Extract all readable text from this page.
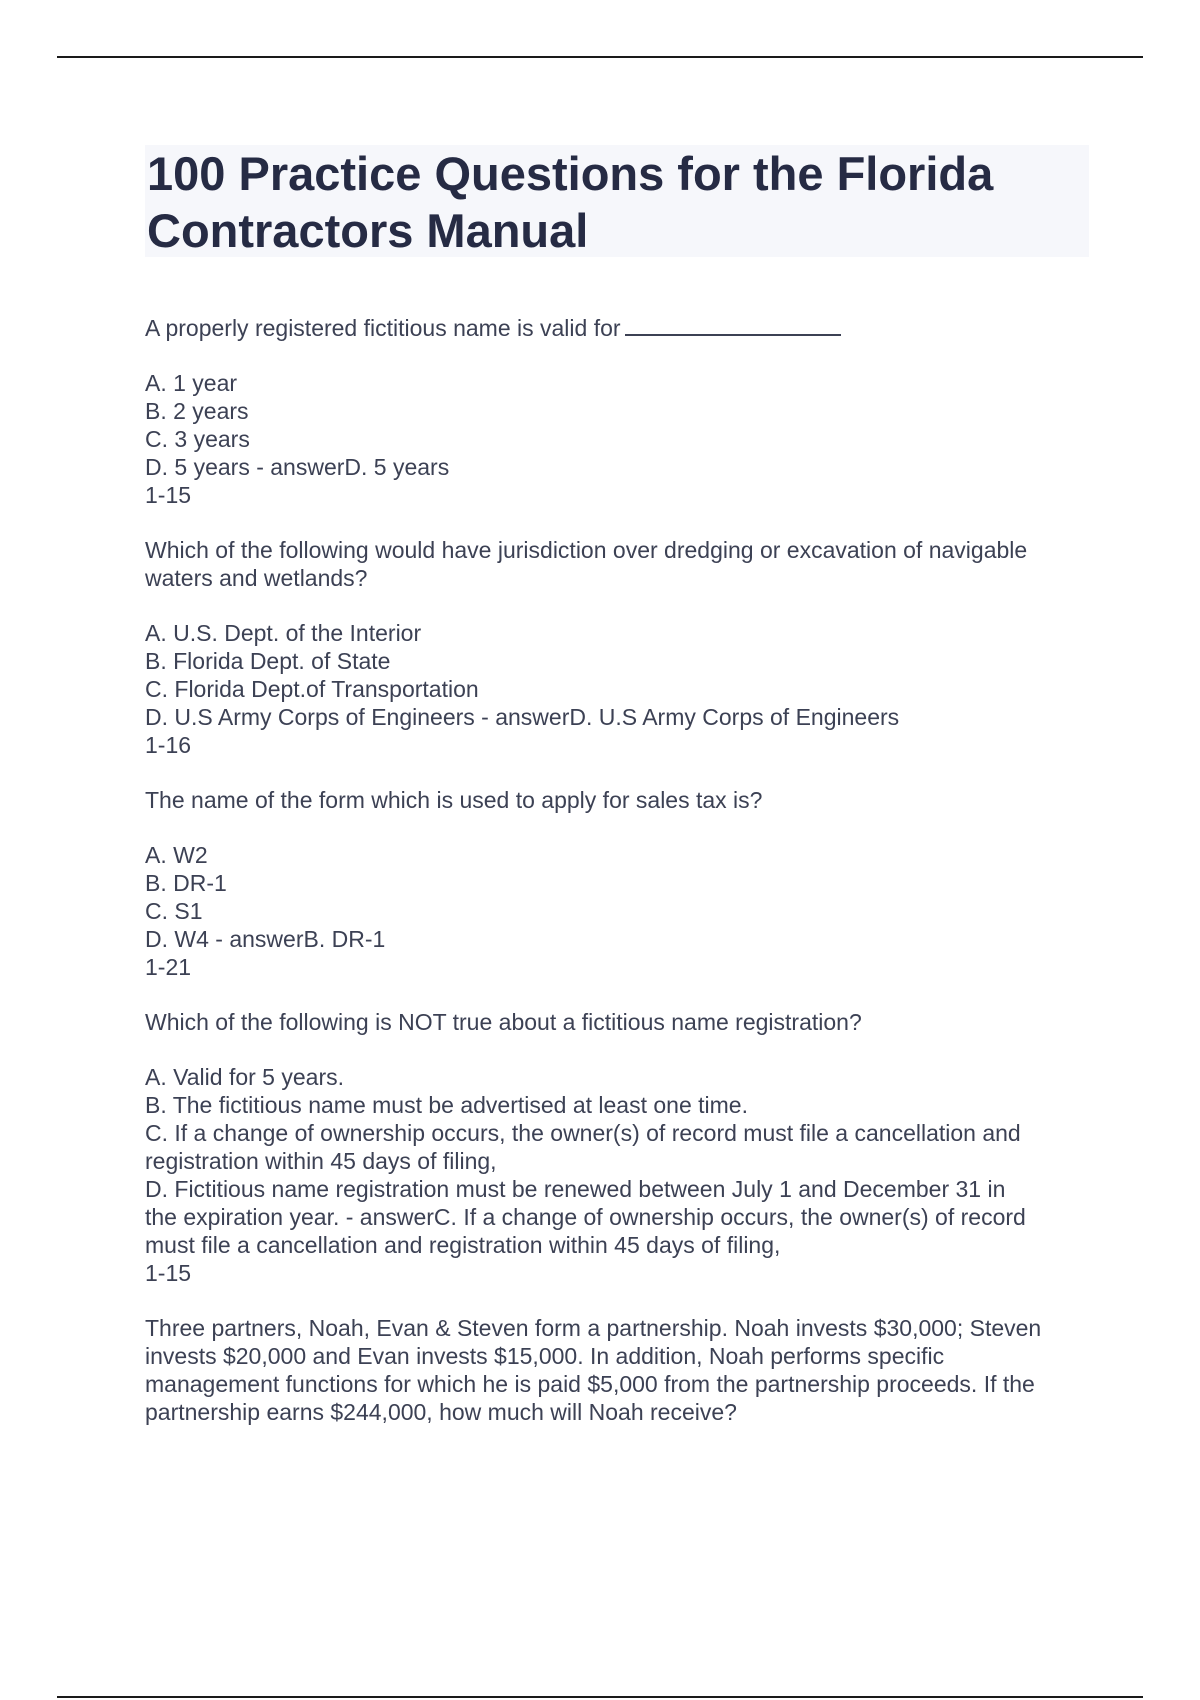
100 Practice Questions for the Florida Contractors Manual
A properly registered fictitious name is valid for
A. 1 year
B. 2 years
C. 3 years
D. 5 years - answerD. 5 years
1-15
Which of the following would have jurisdiction over dredging or excavation of navigable
waters and wetlands?
A. U.S. Dept. of the Interior
B. Florida Dept. of State
C. Florida Dept.of Transportation
D. U.S Army Corps of Engineers - answerD. U.S Army Corps of Engineers
1-16
The name of the form which is used to apply for sales tax is?
A. W2
B. DR-1
C. S1
D. W4 - answerB. DR-1
1-21
Which of the following is NOT true about a fictitious name registration?
A. Valid for 5 years.
B. The fictitious name must be advertised at least one time.
C. If a change of ownership occurs, the owner(s) of record must file a cancellation and
registration within 45 days of filing,
D. Fictitious name registration must be renewed between July 1 and December 31 in
the expiration year. - answerC. If a change of ownership occurs, the owner(s) of record
must file a cancellation and registration within 45 days of filing,
1-15
Three partners, Noah, Evan & Steven form a partnership. Noah invests $30,000; Steven
invests $20,000 and Evan invests $15,000. In addition, Noah performs specific
management functions for which he is paid $5,000 from the partnership proceeds. If the
partnership earns $244,000, how much will Noah receive?
